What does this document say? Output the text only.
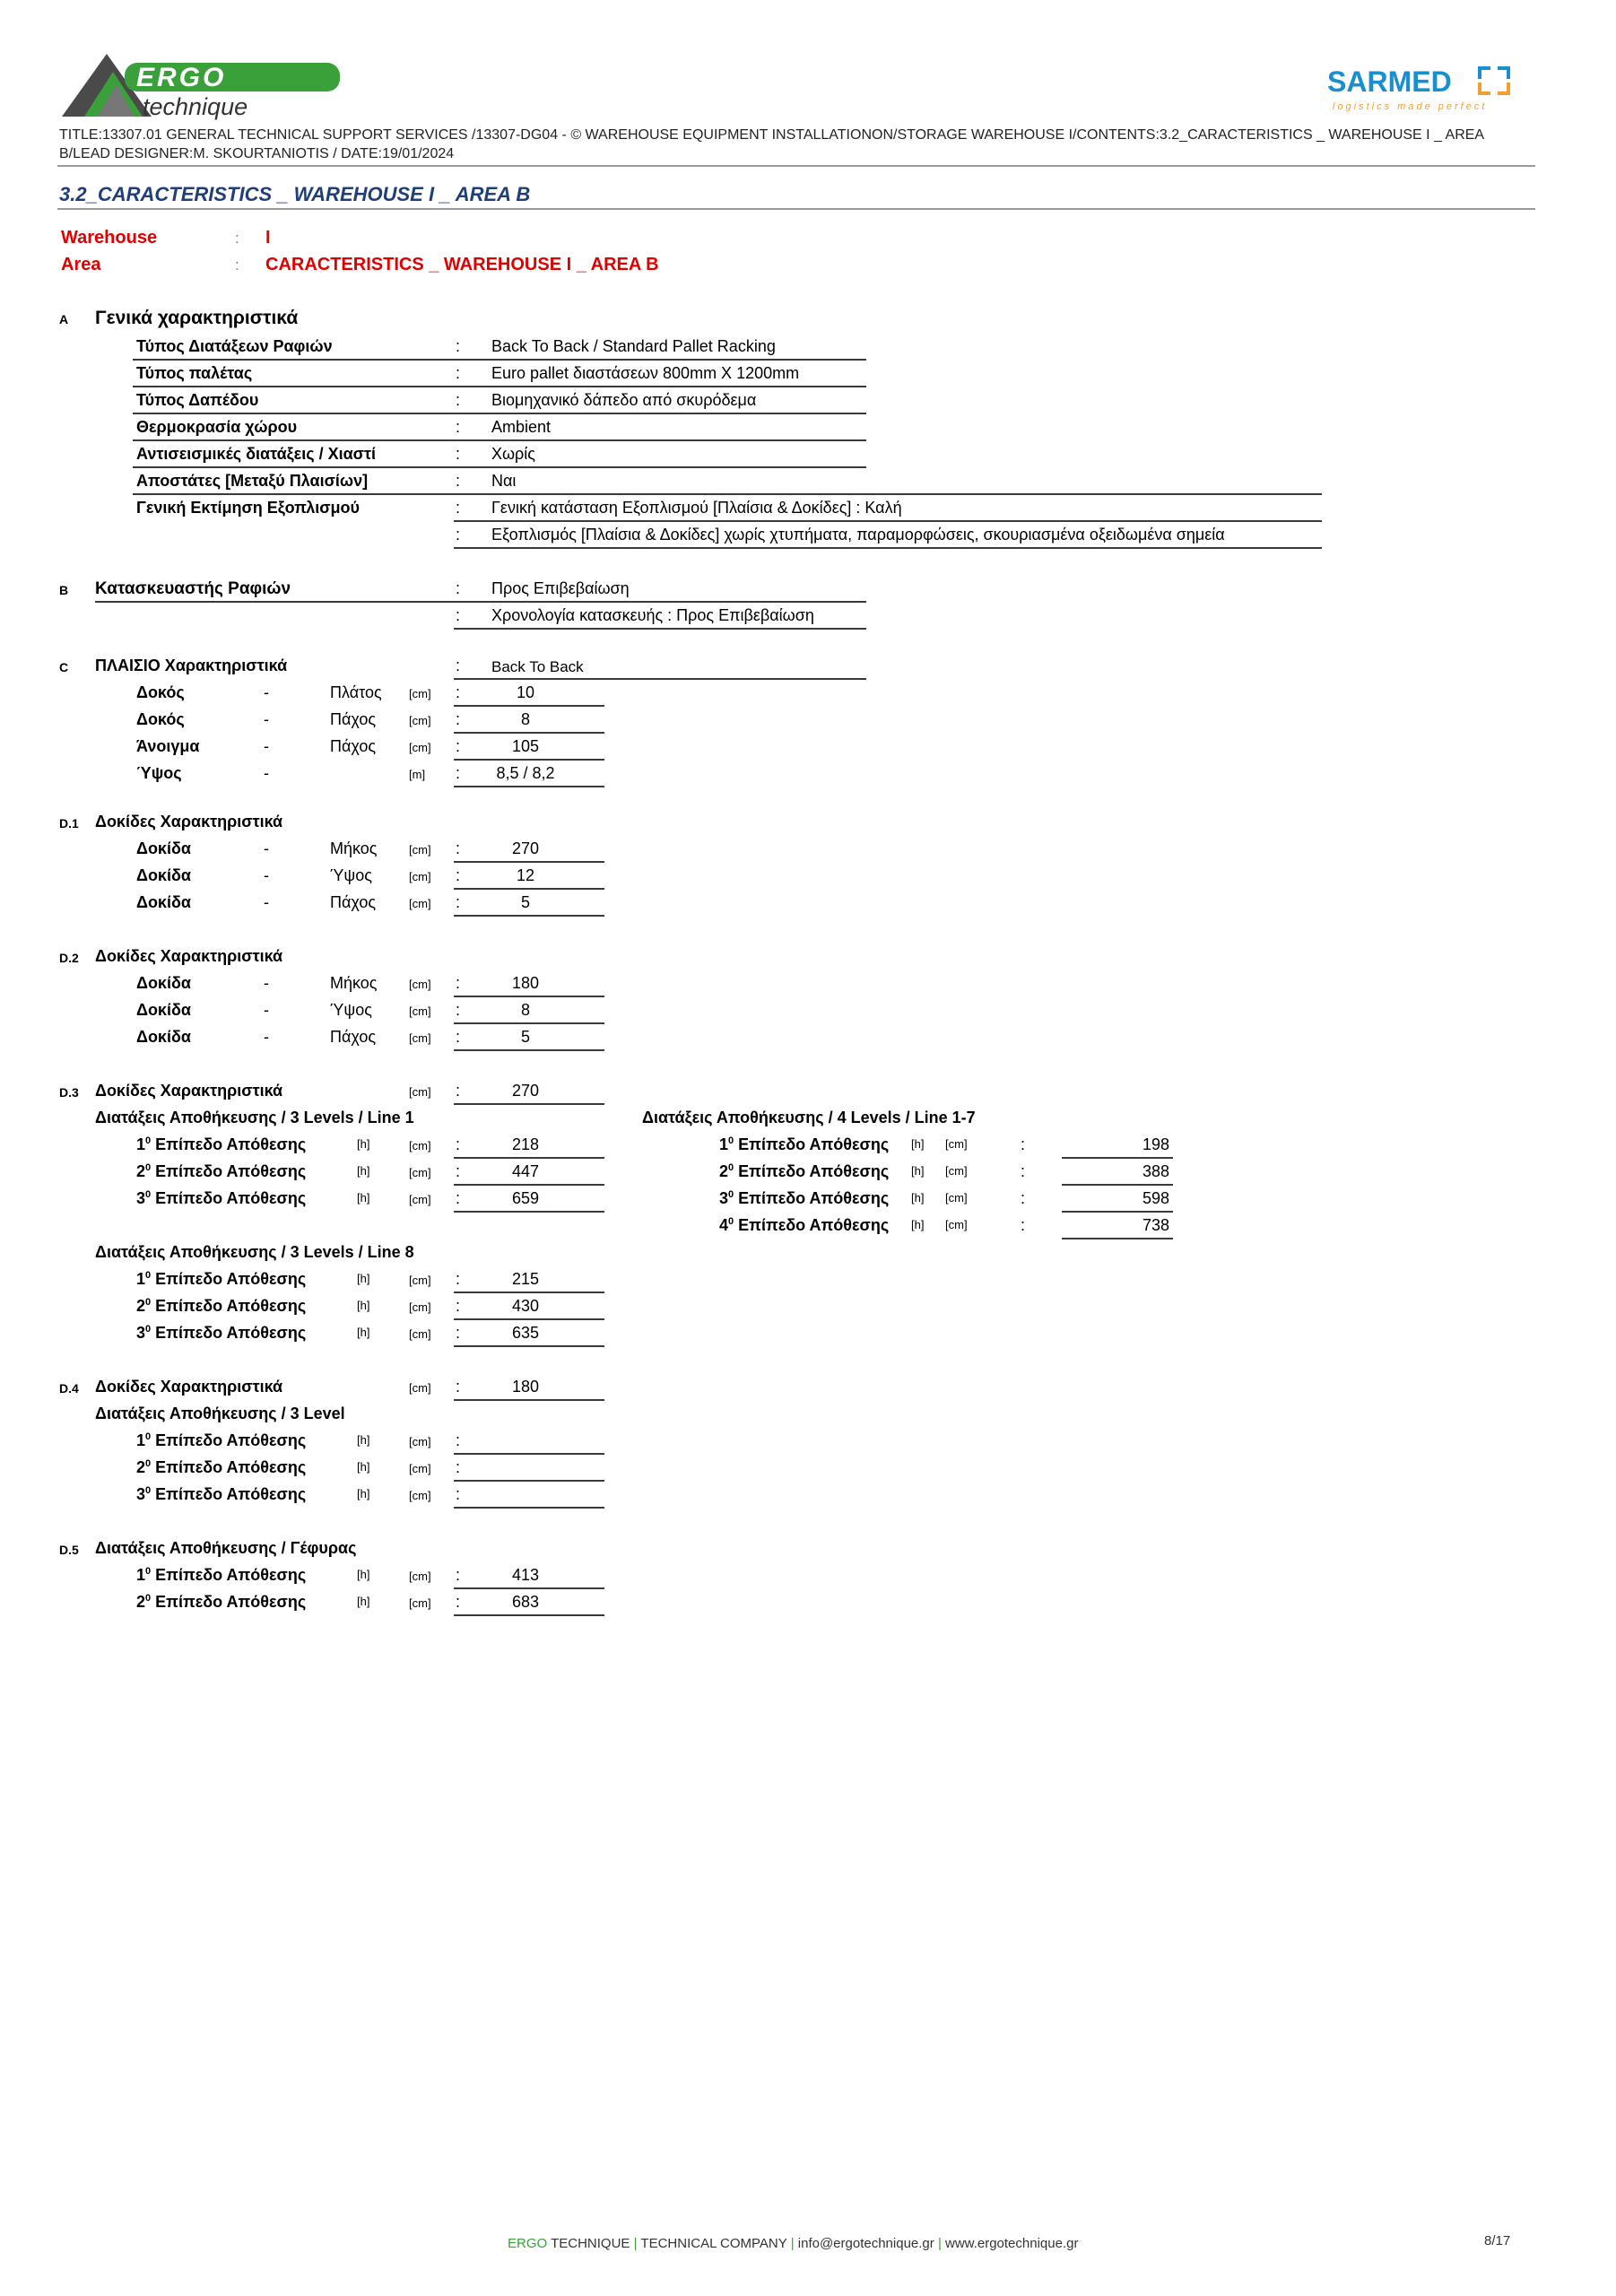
ERGO
technique
SARMED
logistics made perfect
TITLE:13307.01 GENERAL TECHNICAL SUPPORT SERVICES /13307-DG04 - © WAREHOUSE EQUIPMENT INSTALLATIONON/STORAGE WAREHOUSE I/CONTENTS:3.2_CARACTERISTICS _ WAREHOUSE I _ AREA
B/LEAD DESIGNER:M. SKOURTANIOTIS / DATE:19/01/2024
3.2_CARACTERISTICS _ WAREHOUSE I _ AREA B
Warehouse	: I
Area	: CARACTERISTICS _ WAREHOUSE I _ AREA B
A Γενικά χαρακτηριστικά
Τύπος Διατάξεων Ραφιών	: Back To Back / Standard Pallet Racking
Τύπος παλέτας	: Euro pallet διαστάσεων 800mm X 1200mm
Τύπος Δαπέδου	: Βιομηχανικό δάπεδο από σκυρόδεμα
Θερμοκρασία χώρου	: Ambient
Αντισεισμικές διατάξεις / Χιαστί	: Χωρίς
Αποστάτες [Μεταξύ Πλαισίων]	: Ναι
Γενική Εκτίμηση Εξοπλισμού	: Γενική κατάσταση Εξοπλισμού [Πλαίσια & Δοκίδες] : Καλή
: Εξοπλισμός [Πλαίσια & Δοκίδες] χωρίς χτυπήματα, παραμορφώσεις, σκουριασμένα οξειδωμένα σημεία
B Κατασκευαστής Ραφιών	: Προς Επιβεβαίωση
: Χρονολογία κατασκευής : Προς Επιβεβαίωση
C ΠΛΑΙΣΙΟ Χαρακτηριστικά	: Back To Back
Δοκός	-	Πλάτος [cm] :	10
Δοκός	-	Πάχος	[cm] :	8
Άνοιγμα	-	Πάχος	[cm] :	105
Ύψος	-	[m] :	8,5 / 8,2
D.1 Δοκίδες Χαρακτηριστικά
Δοκίδα	-	Μήκος	[cm] :	270
Δοκίδα	-	Ύψος	[cm] :	12
Δοκίδα	-	Πάχος	[cm] :	5
D.2 Δοκίδες Χαρακτηριστικά
Δοκίδα	-	Μήκος	[cm] :	180
Δοκίδα	-	Ύψος	[cm] :	8
Δοκίδα	-	Πάχος	[cm] :	5
D.3 Δοκίδες Χαρακτηριστικά	[cm] :	270
Διατάξεις Αποθήκευσης / 3 Levels / Line 1
$1^0$ Επίπεδο Απόθεσης	[h]	[cm] :	218
$2^0$ Επίπεδο Απόθεσης	[h]	[cm] :	447
$3^0$ Επίπεδο Απόθεσης	[h]	[cm] :	659
Διατάξεις Αποθήκευσης / 4 Levels / Line 1-7
$1^0$ Επίπεδο Απόθεσης [h] [cm]	:	198
$2^0$ Επίπεδο Απόθεσης [h] [cm]	:	388
$3^0$ Επίπεδο Απόθεσης [h] [cm]	:	598
$4^0$ Επίπεδο Απόθεσης [h] [cm]	:	738
Διατάξεις Αποθήκευσης / 3 Levels / Line 8
$1^0$ Επίπεδο Απόθεσης	[h]	[cm] :	215
$2^0$ Επίπεδο Απόθεσης	[h]	[cm] :	430
$3^0$ Επίπεδο Απόθεσης	[h]	[cm] :	635
D.4 Δοκίδες Χαρακτηριστικά	[cm] :	180
Διατάξεις Αποθήκευσης / 3 Level
$1^0$ Επίπεδο Απόθεσης	[h]	[cm] :
$2^0$ Επίπεδο Απόθεσης	[h]	[cm] :
$3^0$ Επίπεδο Απόθεσης	[h]	[cm] :
D.5 Διατάξεις Αποθήκευσης / Γέφυρας
$1^0$ Επίπεδο Απόθεσης	[h]	[cm] :	413
$2^0$ Επίπεδο Απόθεσης	[h]	[cm] :	683
ERGO TECHNIQUE | TECHNICAL COMPANY | info@ergotechnique.gr | www.ergotechnique.gr	8/17
